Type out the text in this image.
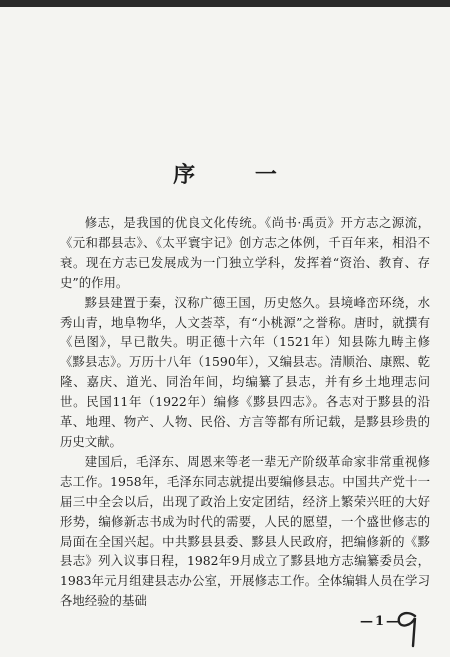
序 一

修志，是我国的优良文化传统。《尚书·禹贡》开方志之源流，《元和郡县志》、《太平寰宇记》创方志之体例，千百年来，相沿不衰。现在方志已发展成为一门独立学科，发挥着“资治、教育、存史”的作用。

黟县建置于秦，汉称广德王国，历史悠久。县境峰峦环绕，水秀山青，地阜物华，人文荟萃，有“小桃源”之誉称。唐时，就撰有《邑图》，早已散失。明正德十六年（1521年）知县陈九畴主修《黟县志》。万历十八年（1590年），又编县志。清顺治、康熙、乾隆、嘉庆、道光、同治年间，均编纂了县志，并有乡土地理志问世。民国11年（1922年）编修《黟县四志》。各志对于黟县的沿革、地理、物产、人物、民俗、方言等都有所记载，是黟县珍贵的历史文献。

建国后，毛泽东、周恩来等老一辈无产阶级革命家非常重视修志工作。1958年，毛泽东同志就提出要编修县志。中国共产党十一届三中全会以后，出现了政治上安定团结，经济上繁荣兴旺的大好形势，编修新志书成为时代的需要，人民的愿望，一个盛世修志的局面在全国兴起。中共黟县县委、黟县人民政府，把编修新的《黟县志》列入议事日程，1982年9月成立了黟县地方志编纂委员会，1983年元月组建县志办公室，开展修志工作。全体编辑人员在学习各地经验的基础

—1—
